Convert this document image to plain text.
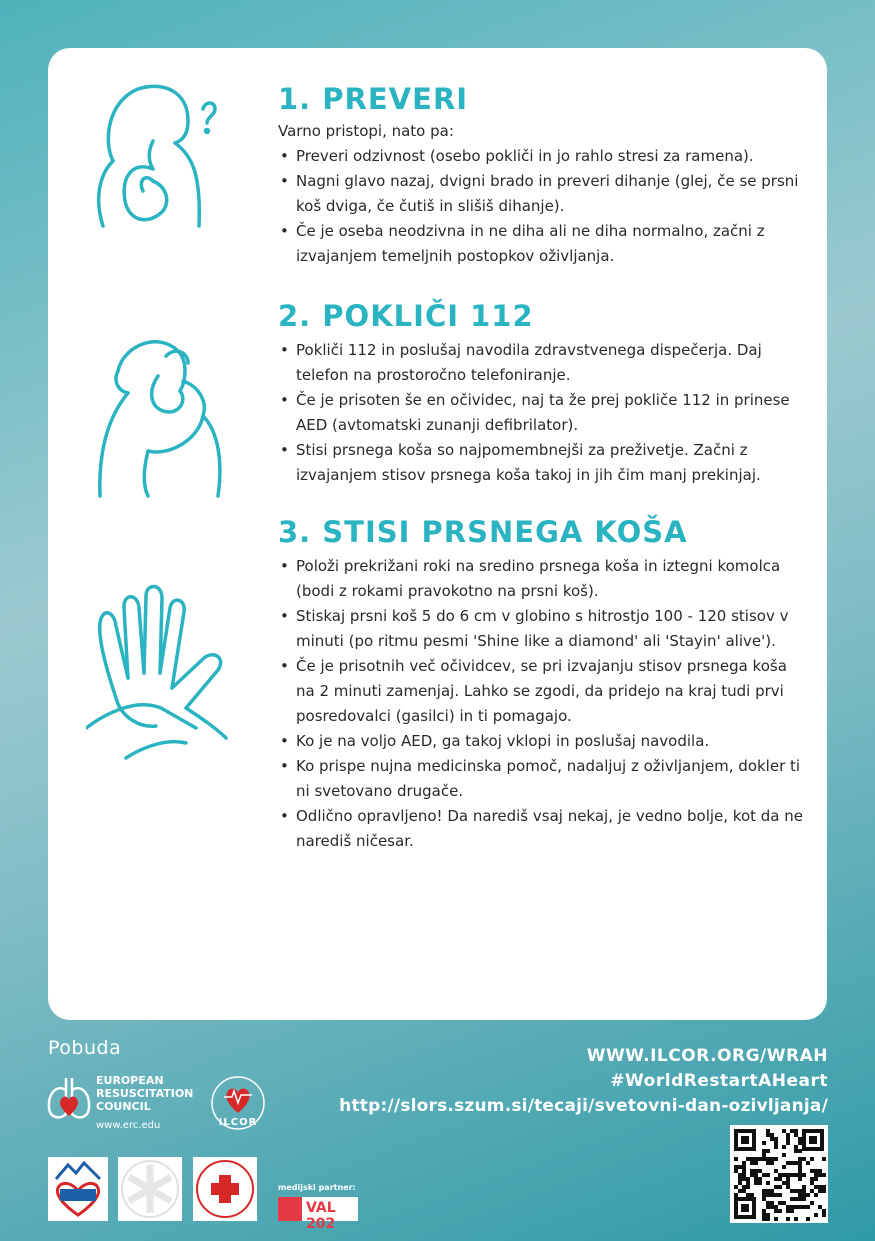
1. PREVERI

Varno pristopi, nato pa:

• Preveri odzivnost (osebo pokliči in jo rahlo stresi za ramena).
• Nagni glavo nazaj, dvigni brado in preveri dihanje (glej, če se prsni koš dviga, če čutiš in slišiš dihanje).
• Če je oseba neodzivna in ne diha ali ne diha normalno, začni z izvajanjem temeljnih postopkov oživljanja.
2. POKLIČI 112
• Pokliči 112 in poslušaj navodila zdravstvenega dispečerja. Daj telefon na prostoročno telefoniranje.
• Če je prisoten še en očividec, naj ta že prej pokliče 112 in prinese AED (avtomatski zunanji defibrilator).
• Stisi prsnega koša so najpomembnejši za preživetje. Začni z izvajanjem stisov prsnega koša takoj in jih čim manj prekinjaj.
3. STISI PRSNEGA KOŠA
• Položi prekrižani roki na sredino prsnega koša in iztegni komolca (bodi z rokami pravokotno na prsni koš).
• Stiskaj prsni koš 5 do 6 cm v globino s hitrostjo 100 - 120 stisov v minuti (po ritmu pesmi 'Shine like a diamond' ali 'Stayin' alive').
• Če je prisotnih več očividcev, se pri izvajanju stisov prsnega koša na 2 minuti zamenjaj. Lahko se zgodi, da pridejo na kraj tudi prvi posredovalci (gasilci) in ti pomagajo.
• Ko je na voljo AED, ga takoj vklopi in poslušaj navodila.
• Ko prispe nujna medicinska pomoč, nadaljuj z oživljanjem, dokler ti ni svetovano drugače.
• Odlično opravljeno! Da narediš vsaj nekaj, je vedno bolje, kot da ne narediš ničesar.
Pobuda
EUROPEAN
RESUSCITATION
COUNCIL
www.erc.edu	ILCOR
medijski partner:
VAL 202
WWW.ILCOR.ORG/WRAH
#WorldRestartAHeart
http://slors.szum.si/tecaji/svetovni-dan-ozivljanja/
